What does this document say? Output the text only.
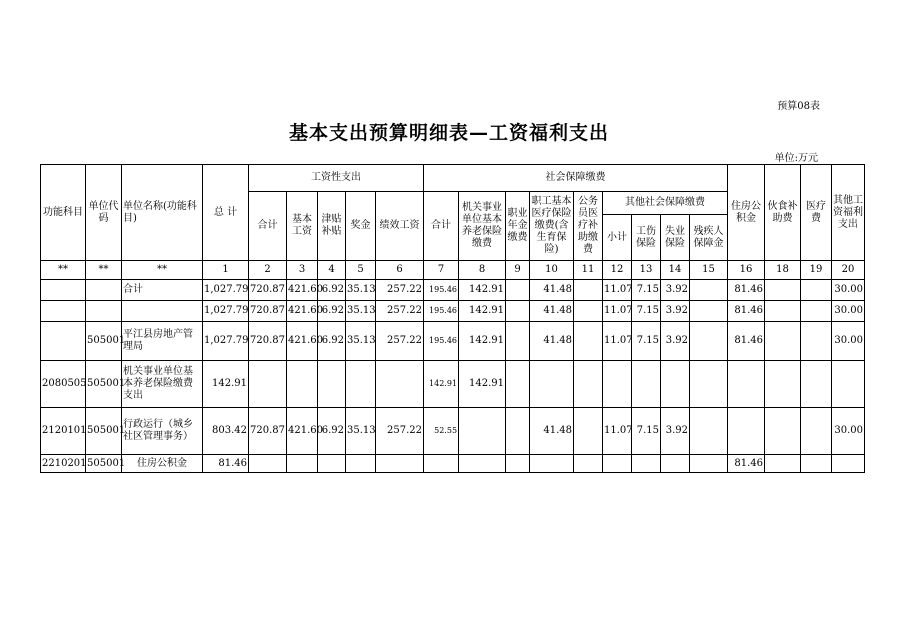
预算08表
基本支出预算明细表—工资福利支出
单位:万元
功能科目	单位代码	单位名称(功能科目)	总 计	工资性支出					社会保障缴费									住房公积金	伙食补助费	医疗费	其他工资福利支出
				合计	基本工资	津贴补贴	奖金	绩效工资	合计	机关事业单位基本养老保险缴费	职业年金缴费	职工基本医疗保险缴费(含生育保险)	公务员医疗补助缴费	其他社会保障缴费							
														小计	工伤保险	失业保险	残疾人保障金				
**	**	**	1	2	3	4	5	6	7	8	9	10	11	12	13	14	15	16	18	19	20
		合计	1,027.79	720.87	421.60	6.92	35.13	257.22	195.46	142.91		41.48		11.07	7.15	3.92		81.46			30.00
			1,027.79	720.87	421.60	6.92	35.13	257.22	195.46	142.91		41.48		11.07	7.15	3.92		81.46			30.00
	505001	平江县房地产管理局	1,027.79	720.87	421.60	6.92	35.13	257.22	195.46	142.91		41.48		11.07	7.15	3.92		81.46			30.00
2080505	505001	机关事业单位基本养老保险缴费支出	142.91						142.91	142.91											
2120101	505001	行政运行（城乡社区管理事务）	803.42	720.87	421.60	6.92	35.13	257.22	52.55			41.48		11.07	7.15	3.92					30.00
2210201	505001	住房公积金	81.46															81.46			
